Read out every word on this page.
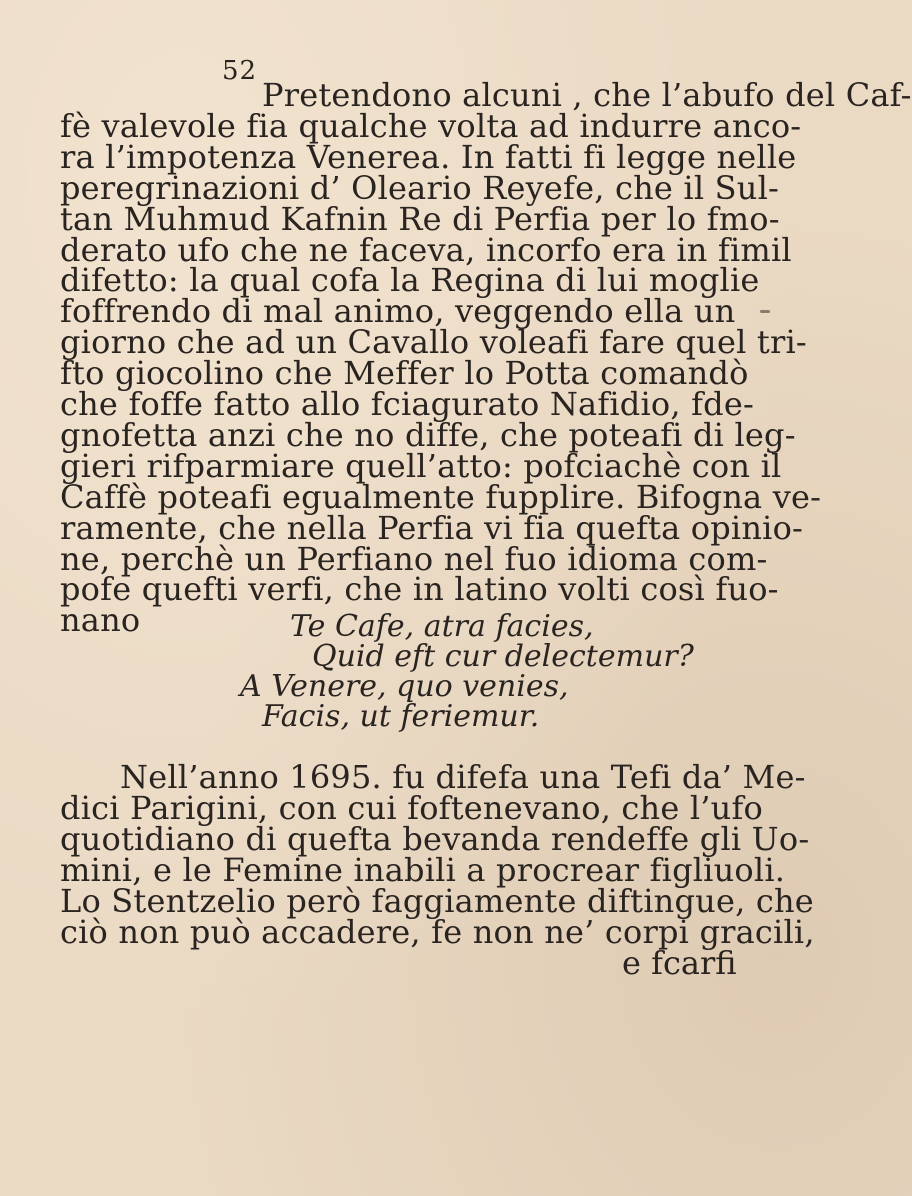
52
Pretendono alcuni , che l’abufo del Caf-
fè valevole fia qualche volta ad indurre anco-
ra l’impotenza Venerea. In fatti fi legge nelle
peregrinazioni d’ Oleario Reyefe, che il Sul-
tan Muhmud Kafnin Re di Perfia per lo fmo-
derato ufo che ne faceva, incorfo era in fimil
difetto: la qual cofa la Regina di lui moglie
foffrendo di mal animo, veggendo ella un
giorno che ad un Cavallo voleafi fare quel tri-
fto giocolino che Meffer lo Potta comandò
che foffe fatto allo fciagurato Nafidio, fde-
gnofetta anzi che no diffe, che poteafi di leg-
gieri rifparmiare quell’atto: pofciachè con il
Caffè poteafi egualmente fupplire. Bifogna ve-
ramente, che nella Perfia vi fia quefta opinio-
ne, perchè un Perfiano nel fuo idioma com-
pofe quefti verfi, che in latino volti così fuo-
nano	Te Cafe, atra facies,
Quid eft cur delectemur?
A Venere, quo venies,
Facis, ut feriemur.
Nell’anno 1695. fu difefa una Tefi da’ Me-
dici Parigini, con cui foftenevano, che l’ufo
quotidiano di quefta bevanda rendeffe gli Uo-
mini, e le Femine inabili a procrear figliuoli.
Lo Stentzelio però faggiamente diftingue, che
ciò non può accadere, fe non ne’ corpi gracili,
e fcarfi
